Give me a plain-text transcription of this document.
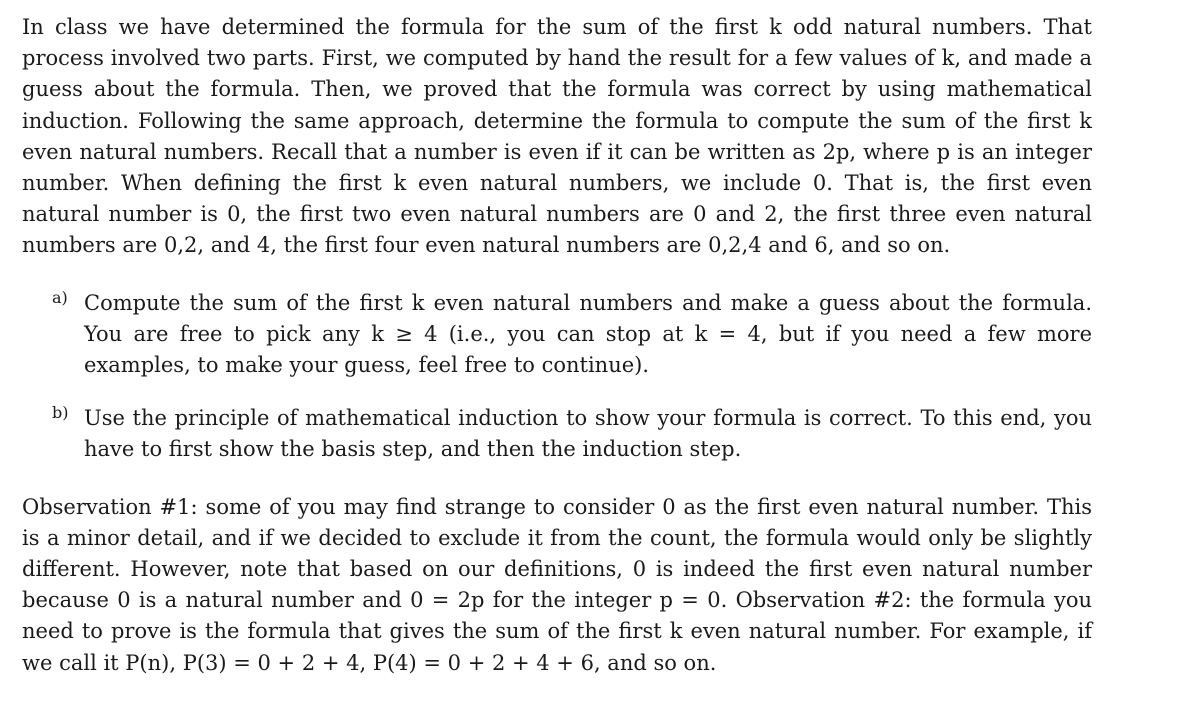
In class we have determined the formula for the sum of the first k odd natural numbers. That process involved two parts. First, we computed by hand the result for a few values of k, and made a guess about the formula. Then, we proved that the formula was correct by using mathematical induction. Following the same approach, determine the formula to compute the sum of the first k even natural numbers. Recall that a number is even if it can be written as 2p, where p is an integer number. When defining the first k even natural numbers, we include 0. That is, the first even natural number is 0, the first two even natural numbers are 0 and 2, the first three even natural numbers are 0,2, and 4, the first four even natural numbers are 0,2,4 and 6, and so on.

a) Compute the sum of the first k even natural numbers and make a guess about the formula. You are free to pick any k ≥ 4 (i.e., you can stop at k = 4, but if you need a few more examples, to make your guess, feel free to continue).

b) Use the principle of mathematical induction to show your formula is correct. To this end, you have to first show the basis step, and then the induction step.

Observation #1: some of you may find strange to consider 0 as the first even natural number. This is a minor detail, and if we decided to exclude it from the count, the formula would only be slightly different. However, note that based on our definitions, 0 is indeed the first even natural number because 0 is a natural number and 0 = 2p for the integer p = 0. Observation #2: the formula you need to prove is the formula that gives the sum of the first k even natural number. For example, if we call it P(n), P(3) = 0 + 2 + 4, P(4) = 0 + 2 + 4 + 6, and so on.
